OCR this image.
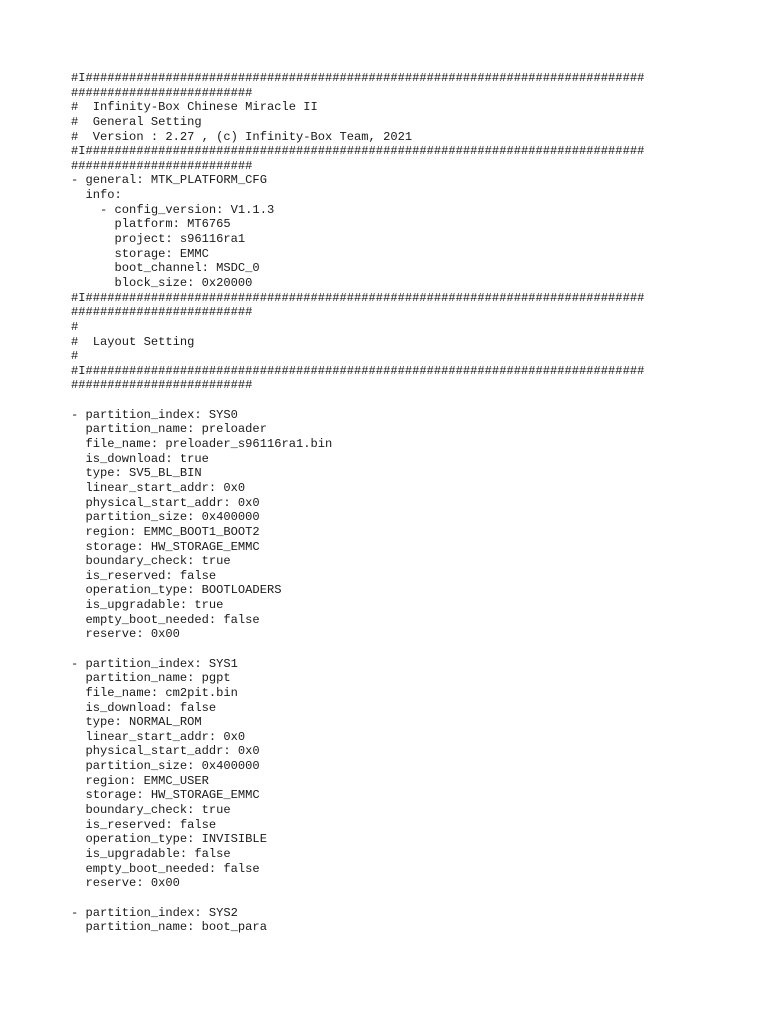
#I#############################################################################
#########################
#  Infinity-Box Chinese Miracle II
#  General Setting
#  Version : 2.27 , (c) Infinity-Box Team, 2021
#I#############################################################################
#########################
- general: MTK_PLATFORM_CFG
info:
- config_version: V1.1.3
platform: MT6765
project: s96116ra1
storage: EMMC
boot_channel: MSDC_0
block_size: 0x20000
#I#############################################################################
#########################
#
#  Layout Setting
#
#I#############################################################################
#########################
- partition_index: SYS0
partition_name: preloader
file_name: preloader_s96116ra1.bin
is_download: true
type: SV5_BL_BIN
linear_start_addr: 0x0
physical_start_addr: 0x0
partition_size: 0x400000
region: EMMC_BOOT1_BOOT2
storage: HW_STORAGE_EMMC
boundary_check: true
is_reserved: false
operation_type: BOOTLOADERS
is_upgradable: true
empty_boot_needed: false
reserve: 0x00
- partition_index: SYS1
partition_name: pgpt
file_name: cm2pit.bin
is_download: false
type: NORMAL_ROM
linear_start_addr: 0x0
physical_start_addr: 0x0
partition_size: 0x400000
region: EMMC_USER
storage: HW_STORAGE_EMMC
boundary_check: true
is_reserved: false
operation_type: INVISIBLE
is_upgradable: false
empty_boot_needed: false
reserve: 0x00
- partition_index: SYS2
partition_name: boot_para
